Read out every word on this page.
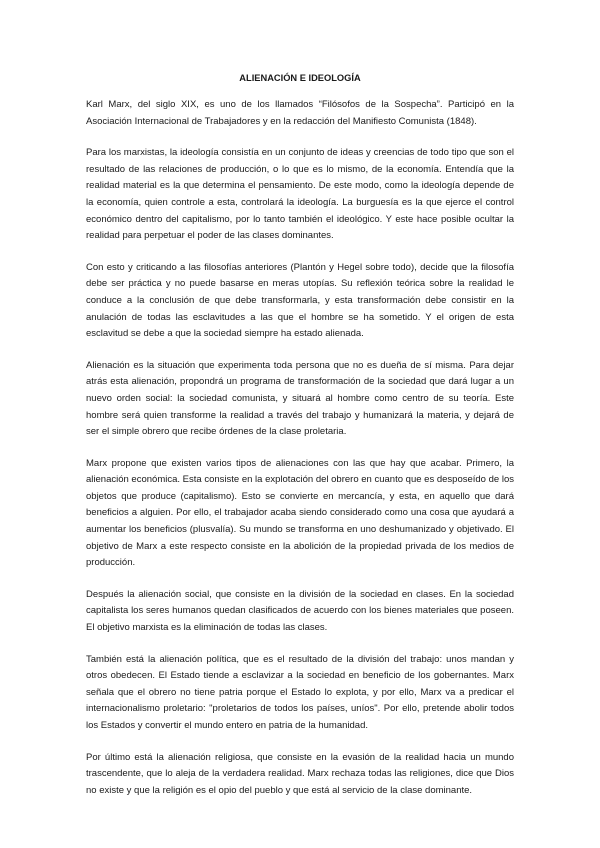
ALIENACIÓN E IDEOLOGÍA

Karl Marx, del siglo XIX, es uno de los llamados “Filósofos de la Sospecha”. Participó en la Asociación Internacional de Trabajadores y en la redacción del Manifiesto Comunista (1848).

Para los marxistas, la ideología consistía en un conjunto de ideas y creencias de todo tipo que son el resultado de las relaciones de producción, o lo que es lo mismo, de la economía. Entendía que la realidad material es la que determina el pensamiento. De este modo, como la ideología depende de la economía, quien controle a esta, controlará la ideología. La burguesía es la que ejerce el control económico dentro del capitalismo, por lo tanto también el ideológico. Y este hace posible ocultar la realidad para perpetuar el poder de las clases dominantes.

Con esto y criticando a las filosofías anteriores (Plantón y Hegel sobre todo), decide que la filosofía debe ser práctica y no puede basarse en meras utopías. Su reflexión teórica sobre la realidad le conduce a la conclusión de que debe transformarla, y esta transformación debe consistir en la anulación de todas las esclavitudes a las que el hombre se ha sometido. Y el origen de esta esclavitud se debe a que la sociedad siempre ha estado alienada.

Alienación es la situación que experimenta toda persona que no es dueña de sí misma. Para dejar atrás esta alienación, propondrá un programa de transformación de la sociedad que dará lugar a un nuevo orden social: la sociedad comunista, y situará al hombre como centro de su teoría. Este hombre será quien transforme la realidad a través del trabajo y humanizará la materia, y dejará de ser el simple obrero que recibe órdenes de la clase proletaria.

Marx propone que existen varios tipos de alienaciones con las que hay que acabar. Primero, la alienación económica. Esta consiste en la explotación del obrero en cuanto que es desposeído de los objetos que produce (capitalismo). Esto se convierte en mercancía, y esta, en aquello que dará beneficios a alguien. Por ello, el trabajador acaba siendo considerado como una cosa que ayudará a aumentar los beneficios (plusvalía). Su mundo se transforma en uno deshumanizado y objetivado. El objetivo de Marx a este respecto consiste en la abolición de la propiedad privada de los medios de producción.

Después la alienación social, que consiste en la división de la sociedad en clases. En la sociedad capitalista los seres humanos quedan clasificados de acuerdo con los bienes materiales que poseen. El objetivo marxista es la eliminación de todas las clases.

También está la alienación política, que es el resultado de la división del trabajo: unos mandan y otros obedecen. El Estado tiende a esclavizar a la sociedad en beneficio de los gobernantes. Marx señala que el obrero no tiene patria porque el Estado lo explota, y por ello, Marx va a predicar el internacionalismo proletario: "proletarios de todos los países, uníos". Por ello, pretende abolir todos los Estados y convertir el mundo entero en patria de la humanidad.

Por último está la alienación religiosa, que consiste en la evasión de la realidad hacia un mundo trascendente, que lo aleja de la verdadera realidad. Marx rechaza todas las religiones, dice que Dios no existe y que la religión es el opio del pueblo y que está al servicio de la clase dominante.
